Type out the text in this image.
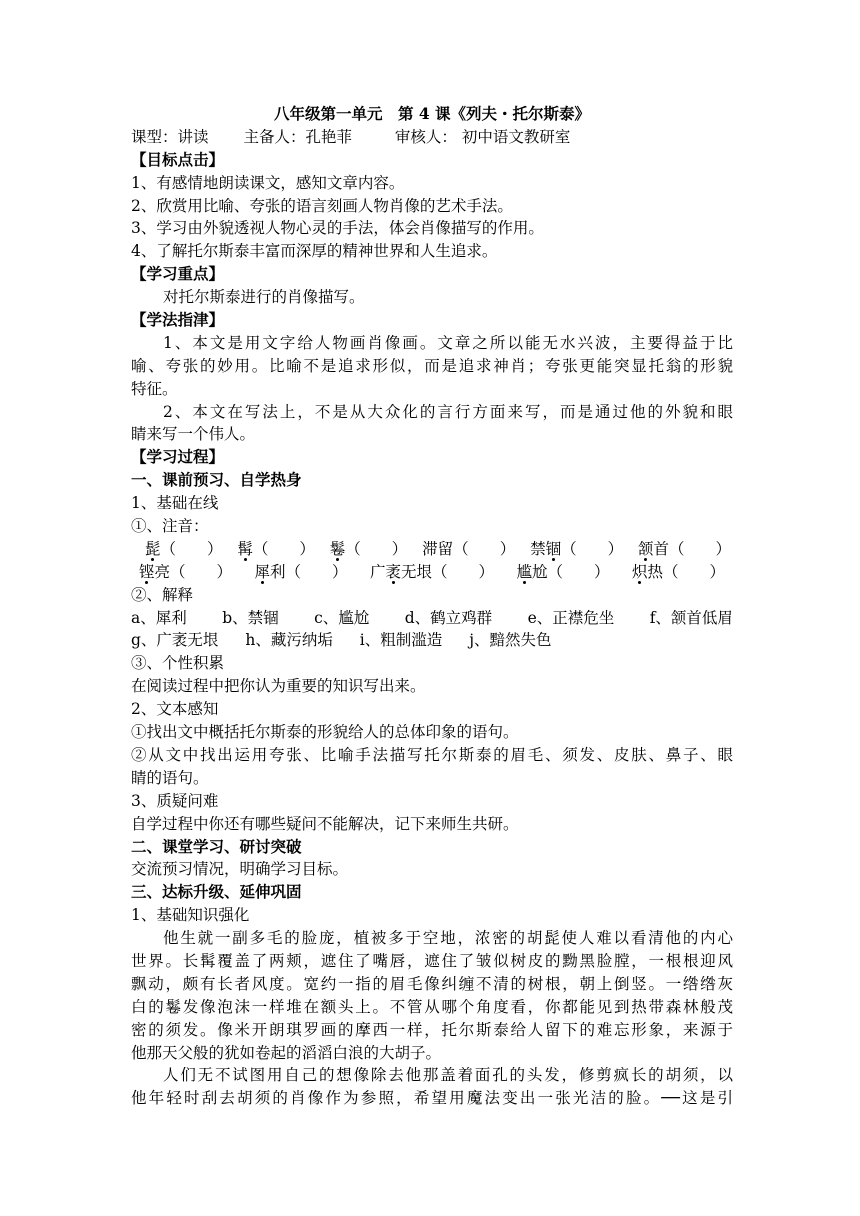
八年级第一单元　第 4 课《列夫・托尔斯泰》
课型：讲读 主备人：孔艳菲	审核人： 初中语文教研室
【目标点击】
1、有感情地朗读课文，感知文章内容。
2、欣赏用比喻、夸张的语言刻画人物肖像的艺术手法。
3、学习由外貌透视人物心灵的手法，体会肖像描写的作用。
4、了解托尔斯泰丰富而深厚的精神世界和人生追求。
【学习重点】
对托尔斯泰进行的肖像描写。
【学法指津】
1、本文是用文字给人物画肖像画。文章之所以能无水兴波，主要得益于比
喻、夸张的妙用。比喻不是追求形似，而是追求神肖；夸张更能突显托翁的形貌
特征。
2、本文在写法上，不是从大众化的言行方面来写，而是通过他的外貌和眼
睛来写一个伟人。
【学习过程】
一、课前预习、自学热身
1、基础在线
①、注音：
髭（　　） 髯（　　） 鬈（　　） 滞留（　　） 禁锢（　　） 颔首（　　）
铿亮（　　） 犀利（　　） 广袤无垠（　　） 尴尬（　　） 炽热（　　）
②、解释
a、犀利 b、禁锢 c、尴尬 d、鹤立鸡群 e、正襟危坐 f、颔首低眉
g、广袤无垠 h、藏污纳垢 i、粗制滥造 j、黯然失色
③、个性积累
在阅读过程中把你认为重要的知识写出来。
2、文本感知
①找出文中概括托尔斯泰的形貌给人的总体印象的语句。
②从文中找出运用夸张、比喻手法描写托尔斯泰的眉毛、须发、皮肤、鼻子、眼
睛的语句。
3、质疑问难
自学过程中你还有哪些疑问不能解决，记下来师生共研。
二、课堂学习、研讨突破
交流预习情况，明确学习目标。
三、达标升级、延伸巩固
1、基础知识强化
他生就一副多毛的脸庞，植被多于空地，浓密的胡髭使人难以看清他的内心
世界。长髯覆盖了两颊，遮住了嘴唇，遮住了皱似树皮的黝黑脸膛，一根根迎风
飘动，颇有长者风度。宽约一指的眉毛像纠缠不清的树根，朝上倒竖。一绺绺灰
白的鬈发像泡沫一样堆在额头上。不管从哪个角度看，你都能见到热带森林般茂
密的须发。像米开朗琪罗画的摩西一样，托尔斯泰给人留下的难忘形象，来源于
他那天父般的犹如卷起的滔滔白浪的大胡子。
人们无不试图用自己的想像除去他那盖着面孔的头发，修剪疯长的胡须，以
他年轻时刮去胡须的肖像作为参照，希望用魔法变出一张光洁的脸。──这是引
